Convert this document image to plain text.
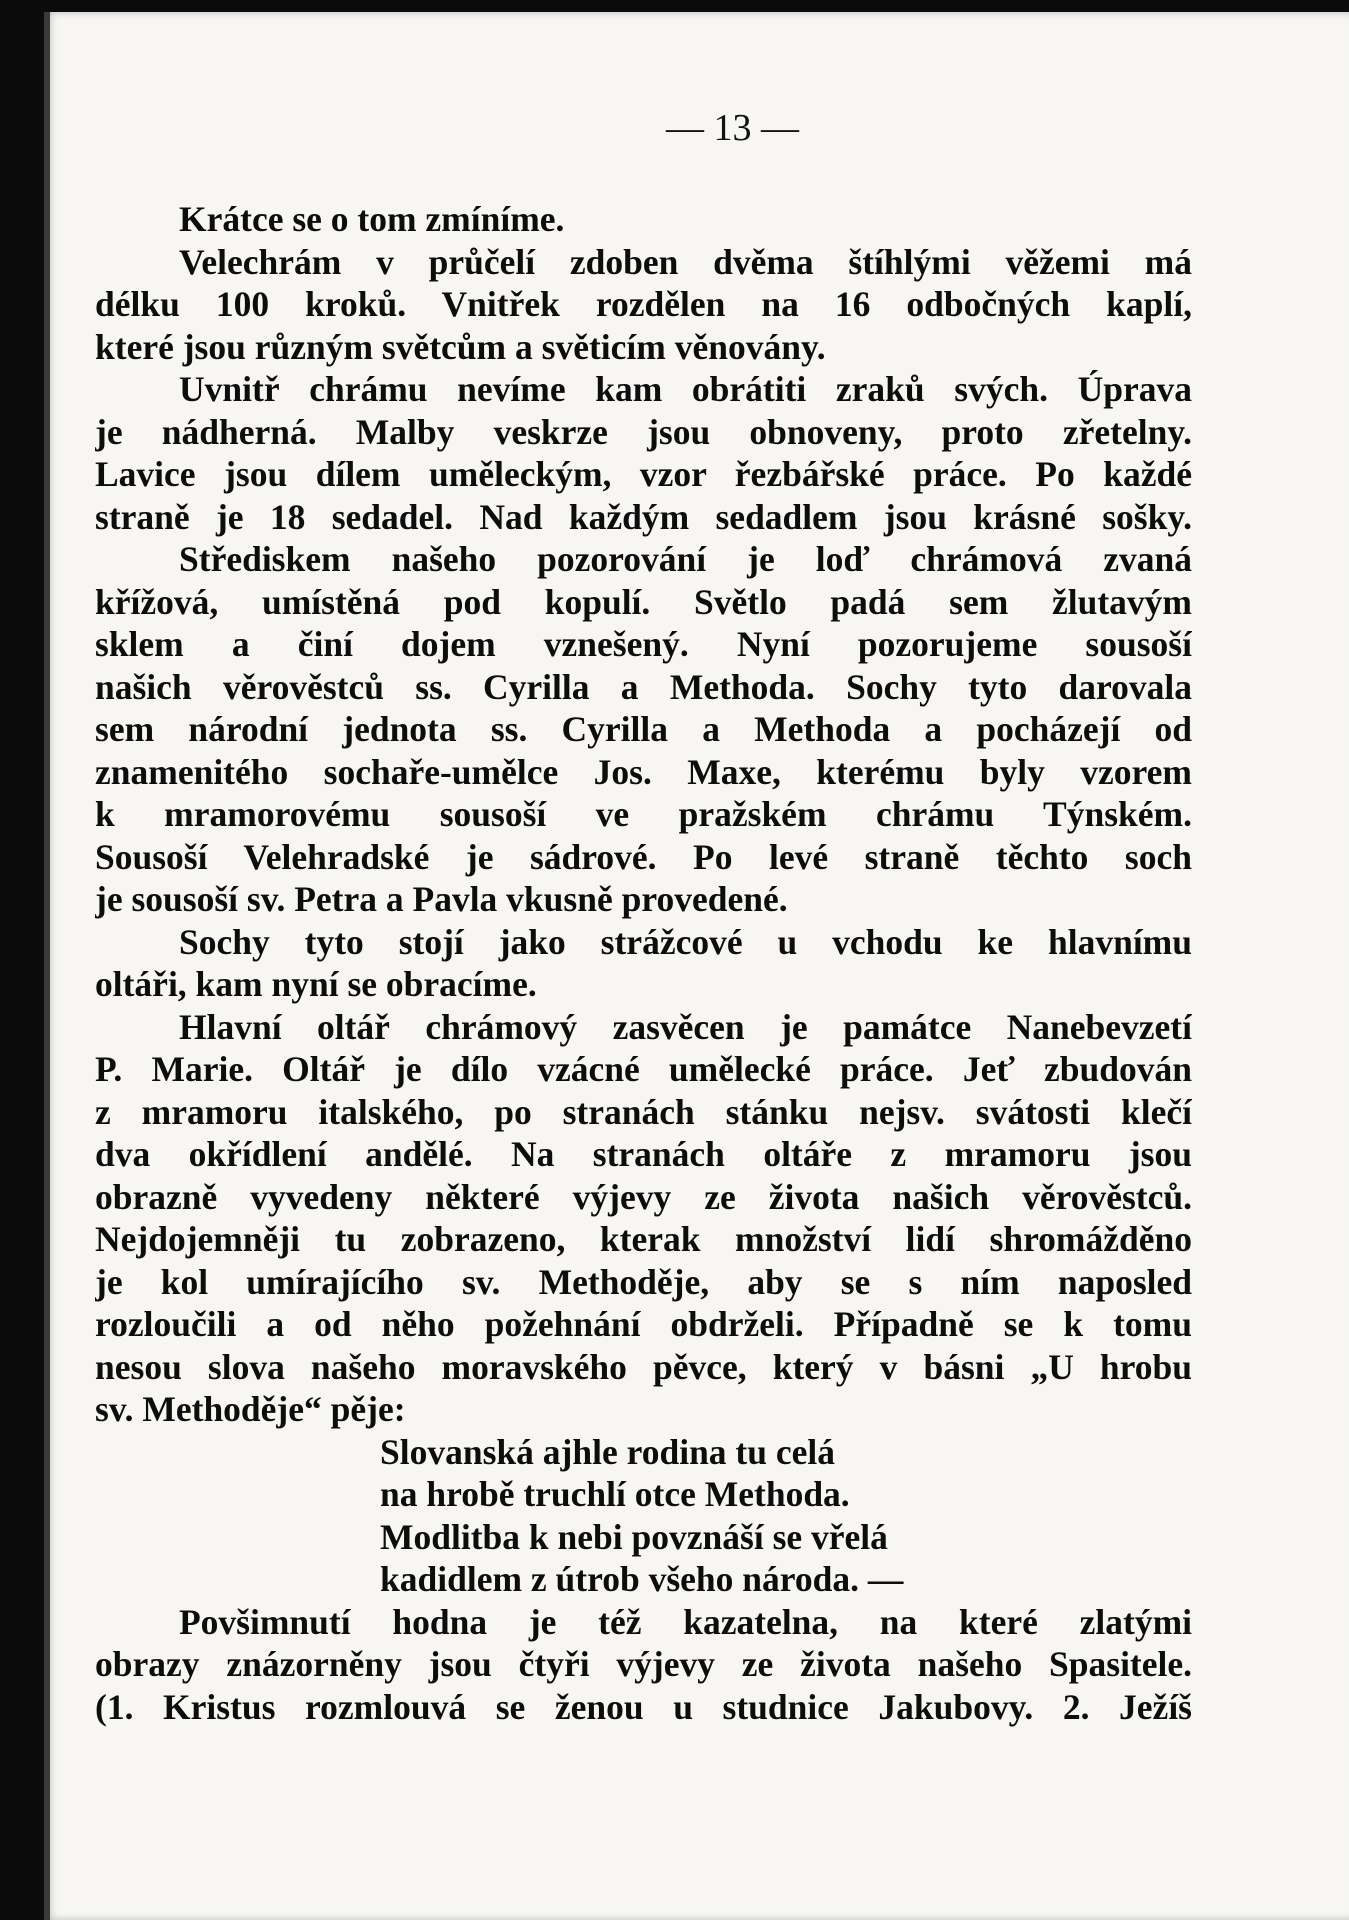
— 13 —
Krátce se o tom zmíníme.
Velechrám v průčelí zdoben dvěma štíhlými věžemi má
délku 100 kroků. Vnitřek rozdělen na 16 odbočných kaplí,
které jsou různým světcům a světicím věnovány.
Uvnitř chrámu nevíme kam obrátiti zraků svých. Úprava
je nádherná. Malby veskrze jsou obnoveny, proto zřetelny.
Lavice jsou dílem uměleckým, vzor řezbářské práce. Po každé
straně je 18 sedadel. Nad každým sedadlem jsou krásné sošky.
Střediskem našeho pozorování je loď chrámová zvaná
křížová, umístěná pod kopulí. Světlo padá sem žlutavým
sklem a činí dojem vznešený. Nyní pozorujeme sousoší
našich věrověstců ss. Cyrilla a Methoda. Sochy tyto darovala
sem národní jednota ss. Cyrilla a Methoda a pocházejí od
znamenitého sochaře-umělce Jos. Maxe, kterému byly vzorem
k mramorovému sousoší ve pražském chrámu Týnském.
Sousoší Velehradské je sádrové. Po levé straně těchto soch
je sousoší sv. Petra a Pavla vkusně provedené.
Sochy tyto stojí jako strážcové u vchodu ke hlavnímu
oltáři, kam nyní se obracíme.
Hlavní oltář chrámový zasvěcen je památce Nanebevzetí
P. Marie. Oltář je dílo vzácné umělecké práce. Jeť zbudován
z mramoru italského, po stranách stánku nejsv. svátosti klečí
dva okřídlení andělé. Na stranách oltáře z mramoru jsou
obrazně vyvedeny některé výjevy ze života našich věrověstců.
Nejdojemněji tu zobrazeno, kterak množství lidí shromážděno
je kol umírajícího sv. Methoděje, aby se s ním naposled
rozloučili a od něho požehnání obdrželi. Případně se k tomu
nesou slova našeho moravského pěvce, který v básni „U hrobu
sv. Methoděje“ pěje:
Slovanská ajhle rodina tu celá
na hrobě truchlí otce Methoda.
Modlitba k nebi povznáší se vřelá
kadidlem z útrob všeho národa. —
Povšimnutí hodna je též kazatelna, na které zlatými
obrazy znázorněny jsou čtyři výjevy ze života našeho Spasitele.
(1. Kristus rozmlouvá se ženou u studnice Jakubovy. 2. Ježíš
